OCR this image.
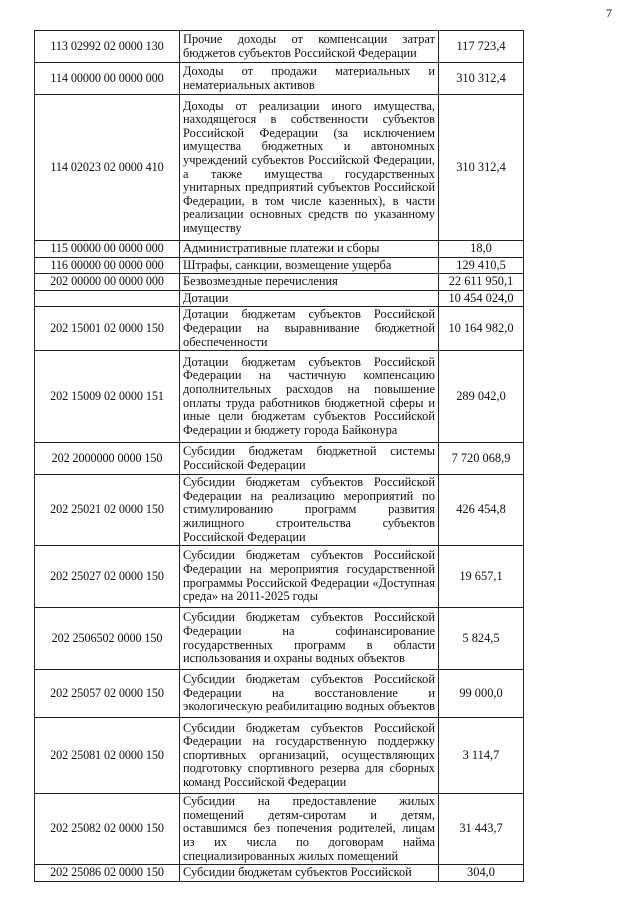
7
113 02992 02 0000 130	Прочие доходы от компенсации затрат бюджетов субъектов Российской Федерации	117 723,4
114 00000 00 0000 000	Доходы от продажи материальных и нематериальных активов	310 312,4
114 02023 02 0000 410	Доходы от реализации иного имущества, находящегося в собственности субъектов Российской Федерации (за исключением имущества бюджетных и автономных учреждений субъектов Российской Федерации, а также имущества государственных унитарных предприятий субъектов Российской Федерации, в том числе казенных), в части реализации основных средств по указанному имуществу	310 312,4
115 00000 00 0000 000	Административные платежи и сборы	18,0
116 00000 00 0000 000	Штрафы, санкции, возмещение ущерба	129 410,5
202 00000 00 0000 000	Безвозмездные перечисления	22 611 950,1
	Дотации	10 454 024,0
202 15001 02 0000 150	Дотации бюджетам субъектов Российской Федерации на выравнивание бюджетной обеспеченности	10 164 982,0
202 15009 02 0000 151	Дотации бюджетам субъектов Российской Федерации на частичную компенсацию дополнительных расходов на повышение оплаты труда работников бюджетной сферы и иные цели бюджетам субъектов Российской Федерации и бюджету города Байконура	289 042,0
202 2000000 0000 150	Субсидии бюджетам бюджетной системы Российской Федерации	7 720 068,9
202 25021 02 0000 150	Субсидии бюджетам субъектов Российской Федерации на реализацию мероприятий по стимулированию программ развития жилищного строительства субъектов Российской Федерации	426 454,8
202 25027 02 0000 150	Субсидии бюджетам субъектов Российской Федерации на мероприятия государственной программы Российской Федерации «Доступная среда» на 2011-2025 годы	19 657,1
202 2506502 0000 150	Субсидии бюджетам субъектов Российской Федерации на софинансирование государственных программ в области использования и охраны водных объектов	5 824,5
202 25057 02 0000 150	Субсидии бюджетам субъектов Российской Федерации на восстановление и экологическую реабилитацию водных объектов	99 000,0
202 25081 02 0000 150	Субсидии бюджетам субъектов Российской Федерации на государственную поддержку спортивных организаций, осуществляющих подготовку спортивного резерва для сборных команд Российской Федерации	3 114,7
202 25082 02 0000 150	Субсидии на предоставление жилых помещений детям-сиротам и детям, оставшимся без попечения родителей, лицам из их числа по договорам найма специализированных жилых помещений	31 443,7
202 25086 02 0000 150	Субсидии бюджетам субъектов Российской	304,0
